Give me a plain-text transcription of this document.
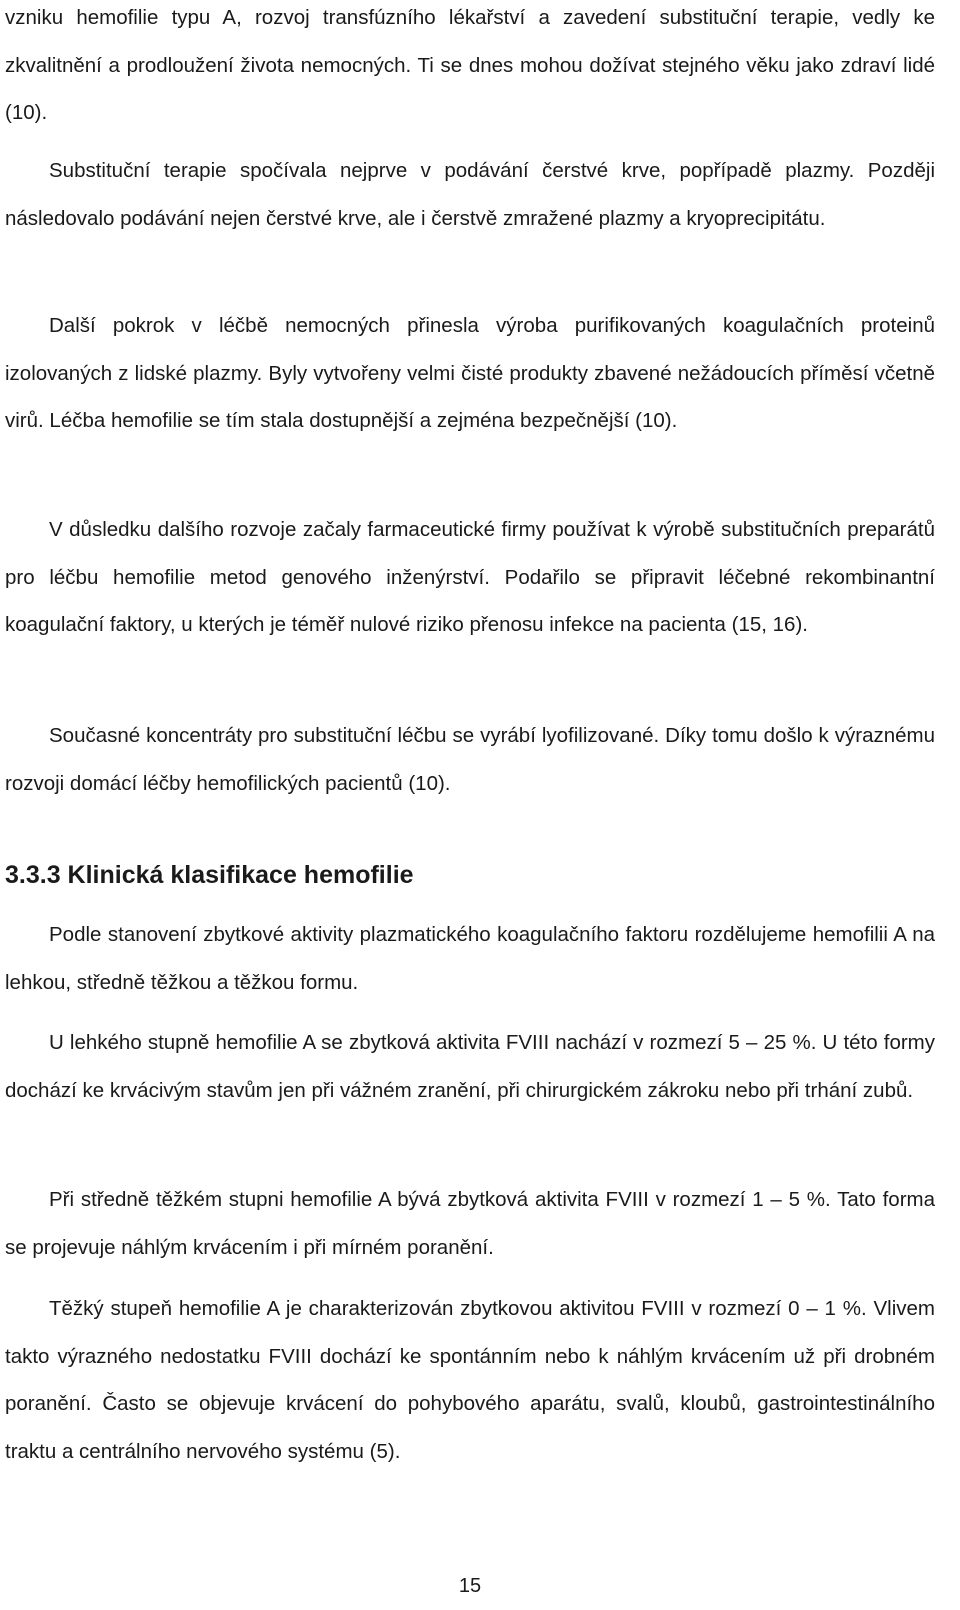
vzniku hemofilie typu A, rozvoj transfúzního lékařství a zavedení substituční terapie, vedly ke zkvalitnění a prodloužení života nemocných. Ti se dnes mohou dožívat stejného věku jako zdraví lidé (10).

Substituční terapie spočívala nejprve v podávání čerstvé krve, popřípadě plazmy. Později následovalo podávání nejen čerstvé krve, ale i čerstvě zmražené plazmy a kryoprecipitátu.

Další pokrok v léčbě nemocných přinesla výroba purifikovaných koagulačních proteinů izolovaných z lidské plazmy. Byly vytvořeny velmi čisté produkty zbavené nežádoucích příměsí včetně virů. Léčba hemofilie se tím stala dostupnější a zejména bezpečnější (10).

V důsledku dalšího rozvoje začaly farmaceutické firmy používat k výrobě substitučních preparátů pro léčbu hemofilie metod genového inženýrství. Podařilo se připravit léčebné rekombinantní koagulační faktory, u kterých je téměř nulové riziko přenosu infekce na pacienta (15, 16).

Současné koncentráty pro substituční léčbu se vyrábí lyofilizované. Díky tomu došlo k výraznému rozvoji domácí léčby hemofilických pacientů (10).

3.3.3 Klinická klasifikace hemofilie

Podle stanovení zbytkové aktivity plazmatického koagulačního faktoru rozdělujeme hemofilii A na lehkou, středně těžkou a těžkou formu.

U lehkého stupně hemofilie A se zbytková aktivita FVIII nachází v rozmezí 5 – 25 %. U této formy dochází ke krvácivým stavům jen při vážném zranění, při chirurgickém zákroku nebo při trhání zubů.

Při středně těžkém stupni hemofilie A bývá zbytková aktivita FVIII v rozmezí 1 – 5 %. Tato forma se projevuje náhlým krvácením i při mírném poranění.

Těžký stupeň hemofilie A je charakterizován zbytkovou aktivitou FVIII v rozmezí 0 – 1 %. Vlivem takto výrazného nedostatku FVIII dochází ke spontánním nebo k náhlým krvácením už při drobném poranění. Často se objevuje krvácení do pohybového aparátu, svalů, kloubů, gastrointestinálního traktu a centrálního nervového systému (5).

15
